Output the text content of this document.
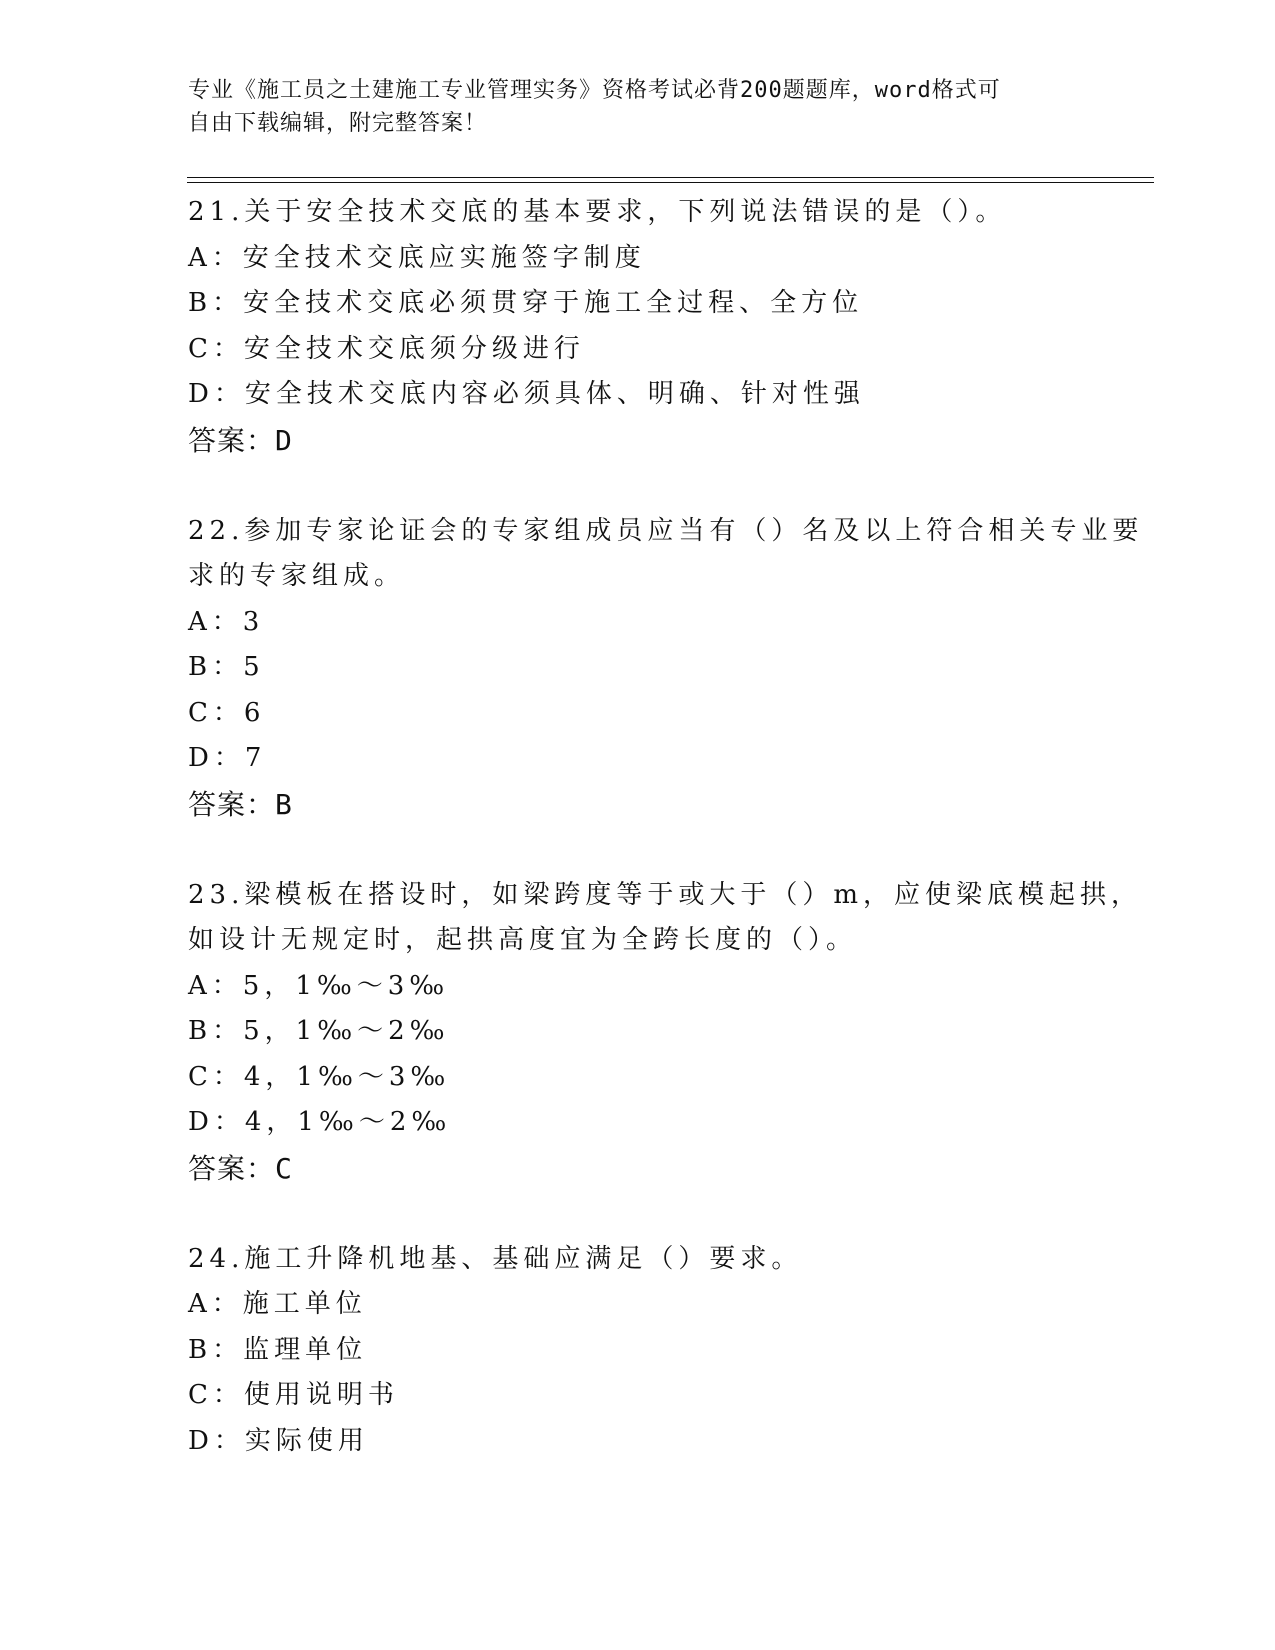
专业《施工员之土建施工专业管理实务》资格考试必背200题题库，word格式可
自由下载编辑，附完整答案！
21.关于安全技术交底的基本要求，下列说法错误的是（）。
A：安全技术交底应实施签字制度
B：安全技术交底必须贯穿于施工全过程、全方位
C：安全技术交底须分级进行
D：安全技术交底内容必须具体、明确、针对性强
答案：D
22.参加专家论证会的专家组成员应当有（）名及以上符合相关专业要
求的专家组成。
A：3
B：5
C：6
D：7
答案：B
23.梁模板在搭设时，如梁跨度等于或大于（）m，应使梁底模起拱，
如设计无规定时，起拱高度宜为全跨长度的（）。
A：5，1‰～3‰
B：5，1‰～2‰
C：4，1‰～3‰
D：4，1‰～2‰
答案：C
24.施工升降机地基、基础应满足（）要求。
A：施工单位
B：监理单位
C：使用说明书
D：实际使用
